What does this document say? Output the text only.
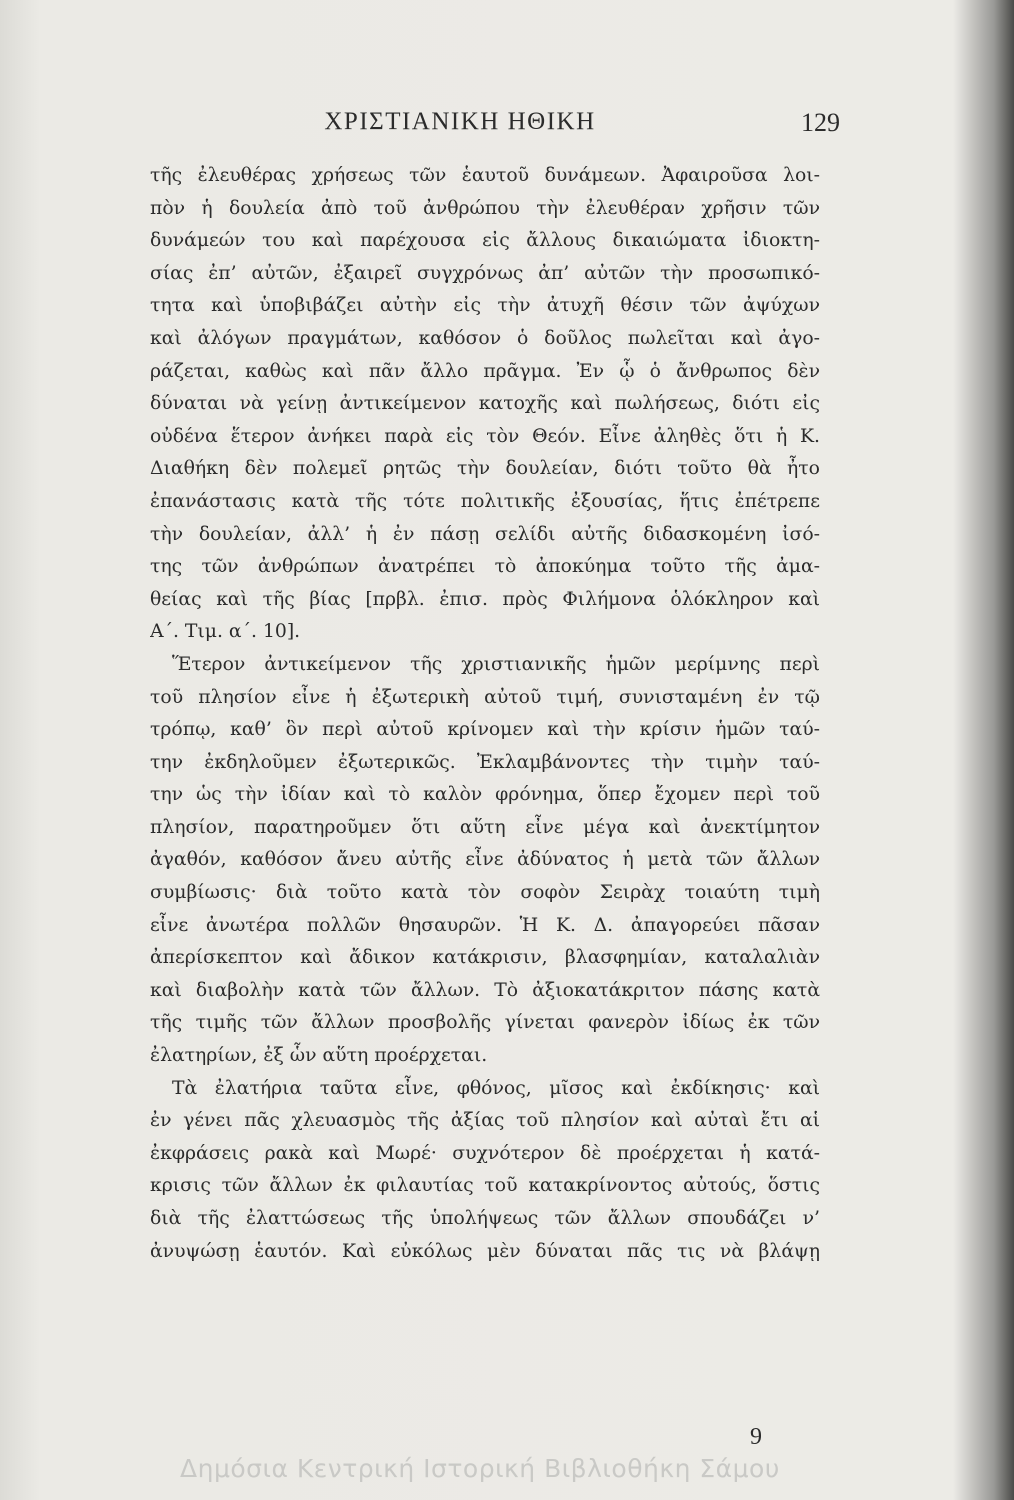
ΧΡΙΣΤΙΑΝΙΚΗ ΗΘΙΚΗ	129
τῆς ἐλευθέρας χρήσεως τῶν ἑαυτοῦ δυνάμεων. Ἀφαιροῦσα λοι-
πὸν ἡ δουλεία ἀπὸ τοῦ ἀνθρώπου τὴν ἐλευθέραν χρῆσιν τῶν
δυνάμεών του καὶ παρέχουσα εἰς ἄλλους δικαιώματα ἰδιοκτη-
σίας ἐπ’ αὐτῶν, ἐξαιρεῖ συγχρόνως ἀπ’ αὐτῶν τὴν προσωπικό-
τητα καὶ ὑποβιβάζει αὐτὴν εἰς τὴν ἀτυχῆ θέσιν τῶν ἀψύχων
καὶ ἀλόγων πραγμάτων, καθόσον ὁ δοῦλος πωλεῖται καὶ ἀγο-
ράζεται, καθὼς καὶ πᾶν ἄλλο πρᾶγμα. Ἐν ᾧ ὁ ἄνθρωπος δὲν
δύναται νὰ γείνῃ ἀντικείμενον κατοχῆς καὶ πωλήσεως, διότι εἰς
οὐδένα ἕτερον ἀνήκει παρὰ εἰς τὸν Θεόν. Εἶνε ἀληθὲς ὅτι ἡ Κ.
Διαθήκη δὲν πολεμεῖ ρητῶς τὴν δουλείαν, διότι τοῦτο θὰ ἦτο
ἐπανάστασις κατὰ τῆς τότε πολιτικῆς ἐξουσίας, ἥτις ἐπέτρεπε
τὴν δουλείαν, ἀλλ’ ἡ ἐν πάσῃ σελίδι αὐτῆς διδασκομένη ἰσό-
της τῶν ἀνθρώπων ἀνατρέπει τὸ ἀποκύημα τοῦτο τῆς ἀμα-
θείας καὶ τῆς βίας [πρβλ. ἐπισ. πρὸς Φιλήμονα ὁλόκληρον καὶ
Α΄. Τιμ. α΄. 10].
Ἕτερον ἀντικείμενον τῆς χριστιανικῆς ἡμῶν μερίμνης περὶ
τοῦ πλησίον εἶνε ἡ ἐξωτερικὴ αὐτοῦ τιμή, συνισταμένη ἐν τῷ
τρόπῳ, καθ’ ὃν περὶ αὐτοῦ κρίνομεν καὶ τὴν κρίσιν ἡμῶν ταύ-
την ἐκδηλοῦμεν ἐξωτερικῶς. Ἐκλαμβάνοντες τὴν τιμὴν ταύ-
την ὡς τὴν ἰδίαν καὶ τὸ καλὸν φρόνημα, ὅπερ ἔχομεν περὶ τοῦ
πλησίον, παρατηροῦμεν ὅτι αὕτη εἶνε μέγα καὶ ἀνεκτίμητον
ἀγαθόν, καθόσον ἄνευ αὐτῆς εἶνε ἀδύνατος ἡ μετὰ τῶν ἄλλων
συμβίωσις· διὰ τοῦτο κατὰ τὸν σοφὸν Σειρὰχ τοιαύτη τιμὴ
εἶνε ἀνωτέρα πολλῶν θησαυρῶν. Ἡ Κ. Δ. ἀπαγορεύει πᾶσαν
ἀπερίσκεπτον καὶ ἄδικον κατάκρισιν, βλασφημίαν, καταλαλιὰν
καὶ διαβολὴν κατὰ τῶν ἄλλων. Τὸ ἀξιοκατάκριτον πάσης κατὰ
τῆς τιμῆς τῶν ἄλλων προσβολῆς γίνεται φανερὸν ἰδίως ἐκ τῶν
ἐλατηρίων, ἐξ ὧν αὕτη προέρχεται.
Τὰ ἐλατήρια ταῦτα εἶνε, φθόνος, μῖσος καὶ ἐκδίκησις· καὶ
ἐν γένει πᾶς χλευασμὸς τῆς ἀξίας τοῦ πλησίον καὶ αὐταὶ ἔτι αἱ
ἐκφράσεις ρακὰ καὶ Μωρέ· συχνότερον δὲ προέρχεται ἡ κατά-
κρισις τῶν ἄλλων ἐκ φιλαυτίας τοῦ κατακρίνοντος αὐτούς, ὅστις
διὰ τῆς ἐλαττώσεως τῆς ὑπολήψεως τῶν ἄλλων σπουδάζει ν’
ἀνυψώσῃ ἑαυτόν. Καὶ εὐκόλως μὲν δύναται πᾶς τις νὰ βλάψῃ
9
Δημόσια Κεντρική Ιστορική Βιβλιοθήκη Σάμου
